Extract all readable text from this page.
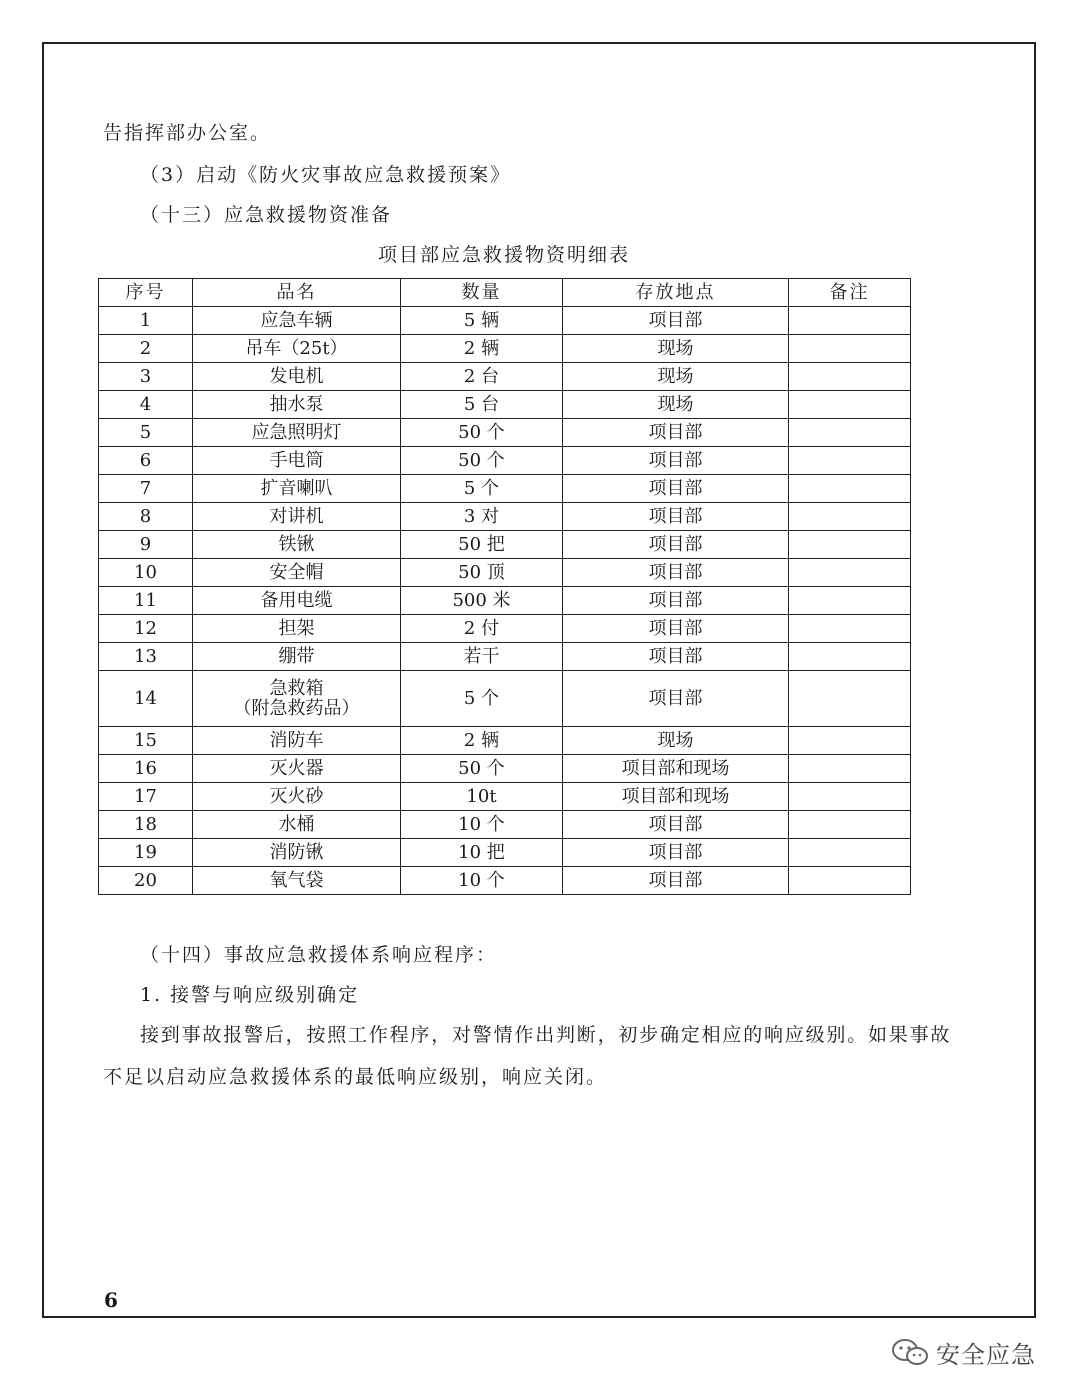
告指挥部办公室。
（3）启动《防火灾事故应急救援预案》
（十三）应急救援物资准备
项目部应急救援物资明细表
序号	品名	数量	存放地点	备注
1	应急车辆	5 辆	项目部	
2	吊车（25t）	2 辆	现场	
3	发电机	2 台	现场	
4	抽水泵	5 台	现场	
5	应急照明灯	50 个	项目部	
6	手电筒	50 个	项目部	
7	扩音喇叭	5 个	项目部	
8	对讲机	3 对	项目部	
9	铁锹	50 把	项目部	
10	安全帽	50 顶	项目部	
11	备用电缆	500 米	项目部	
12	担架	2 付	项目部	
13	绷带	若干	项目部	
14	急救箱
（附急救药品）	5 个	项目部	
15	消防车	2 辆	现场	
16	灭火器	50 个	项目部和现场	
17	灭火砂	10t	项目部和现场	
18	水桶	10 个	项目部	
19	消防锹	10 把	项目部	
20	氧气袋	10 个	项目部	
（十四）事故应急救援体系响应程序：
1. 接警与响应级别确定
接到事故报警后，按照工作程序，对警情作出判断，初步确定相应的响应级别。如果事故
不足以启动应急救援体系的最低响应级别，响应关闭。
6
安全应急
